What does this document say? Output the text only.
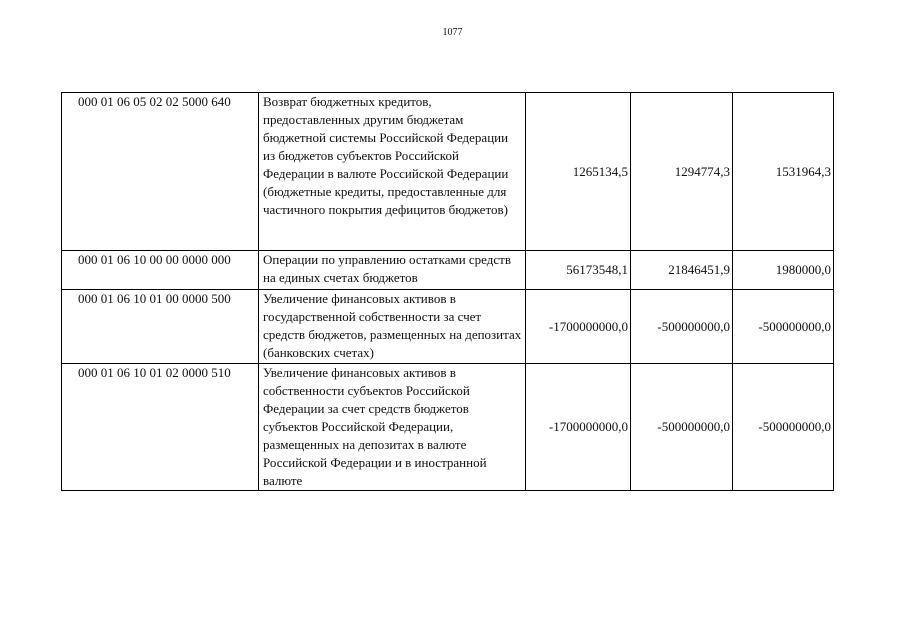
1077
000 01 06 05 02 02 5000 640	Возврат бюджетных кредитов, предоставленных другим бюджетам бюджетной системы Российской Федерации из бюджетов субъектов Российской Федерации в валюте Российской Федерации (бюджетные кредиты, предоставленные для частичного покрытия дефицитов бюджетов)	1265134,5	1294774,3	1531964,3
000 01 06 10 00 00 0000 000	Операции по управлению остатками средств на единых счетах бюджетов	56173548,1	21846451,9	1980000,0
000 01 06 10 01 00 0000 500	Увеличение финансовых активов в государственной собственности за счет средств бюджетов, размещенных на депозитах (банковских счетах)	-1700000000,0	-500000000,0	-500000000,0
000 01 06 10 01 02 0000 510	Увеличение финансовых активов в собственности субъектов Российской Федерации за счет средств бюджетов субъектов Российской Федерации, размещенных на депозитах в валюте Российской Федерации и в иностранной валюте	-1700000000,0	-500000000,0	-500000000,0
